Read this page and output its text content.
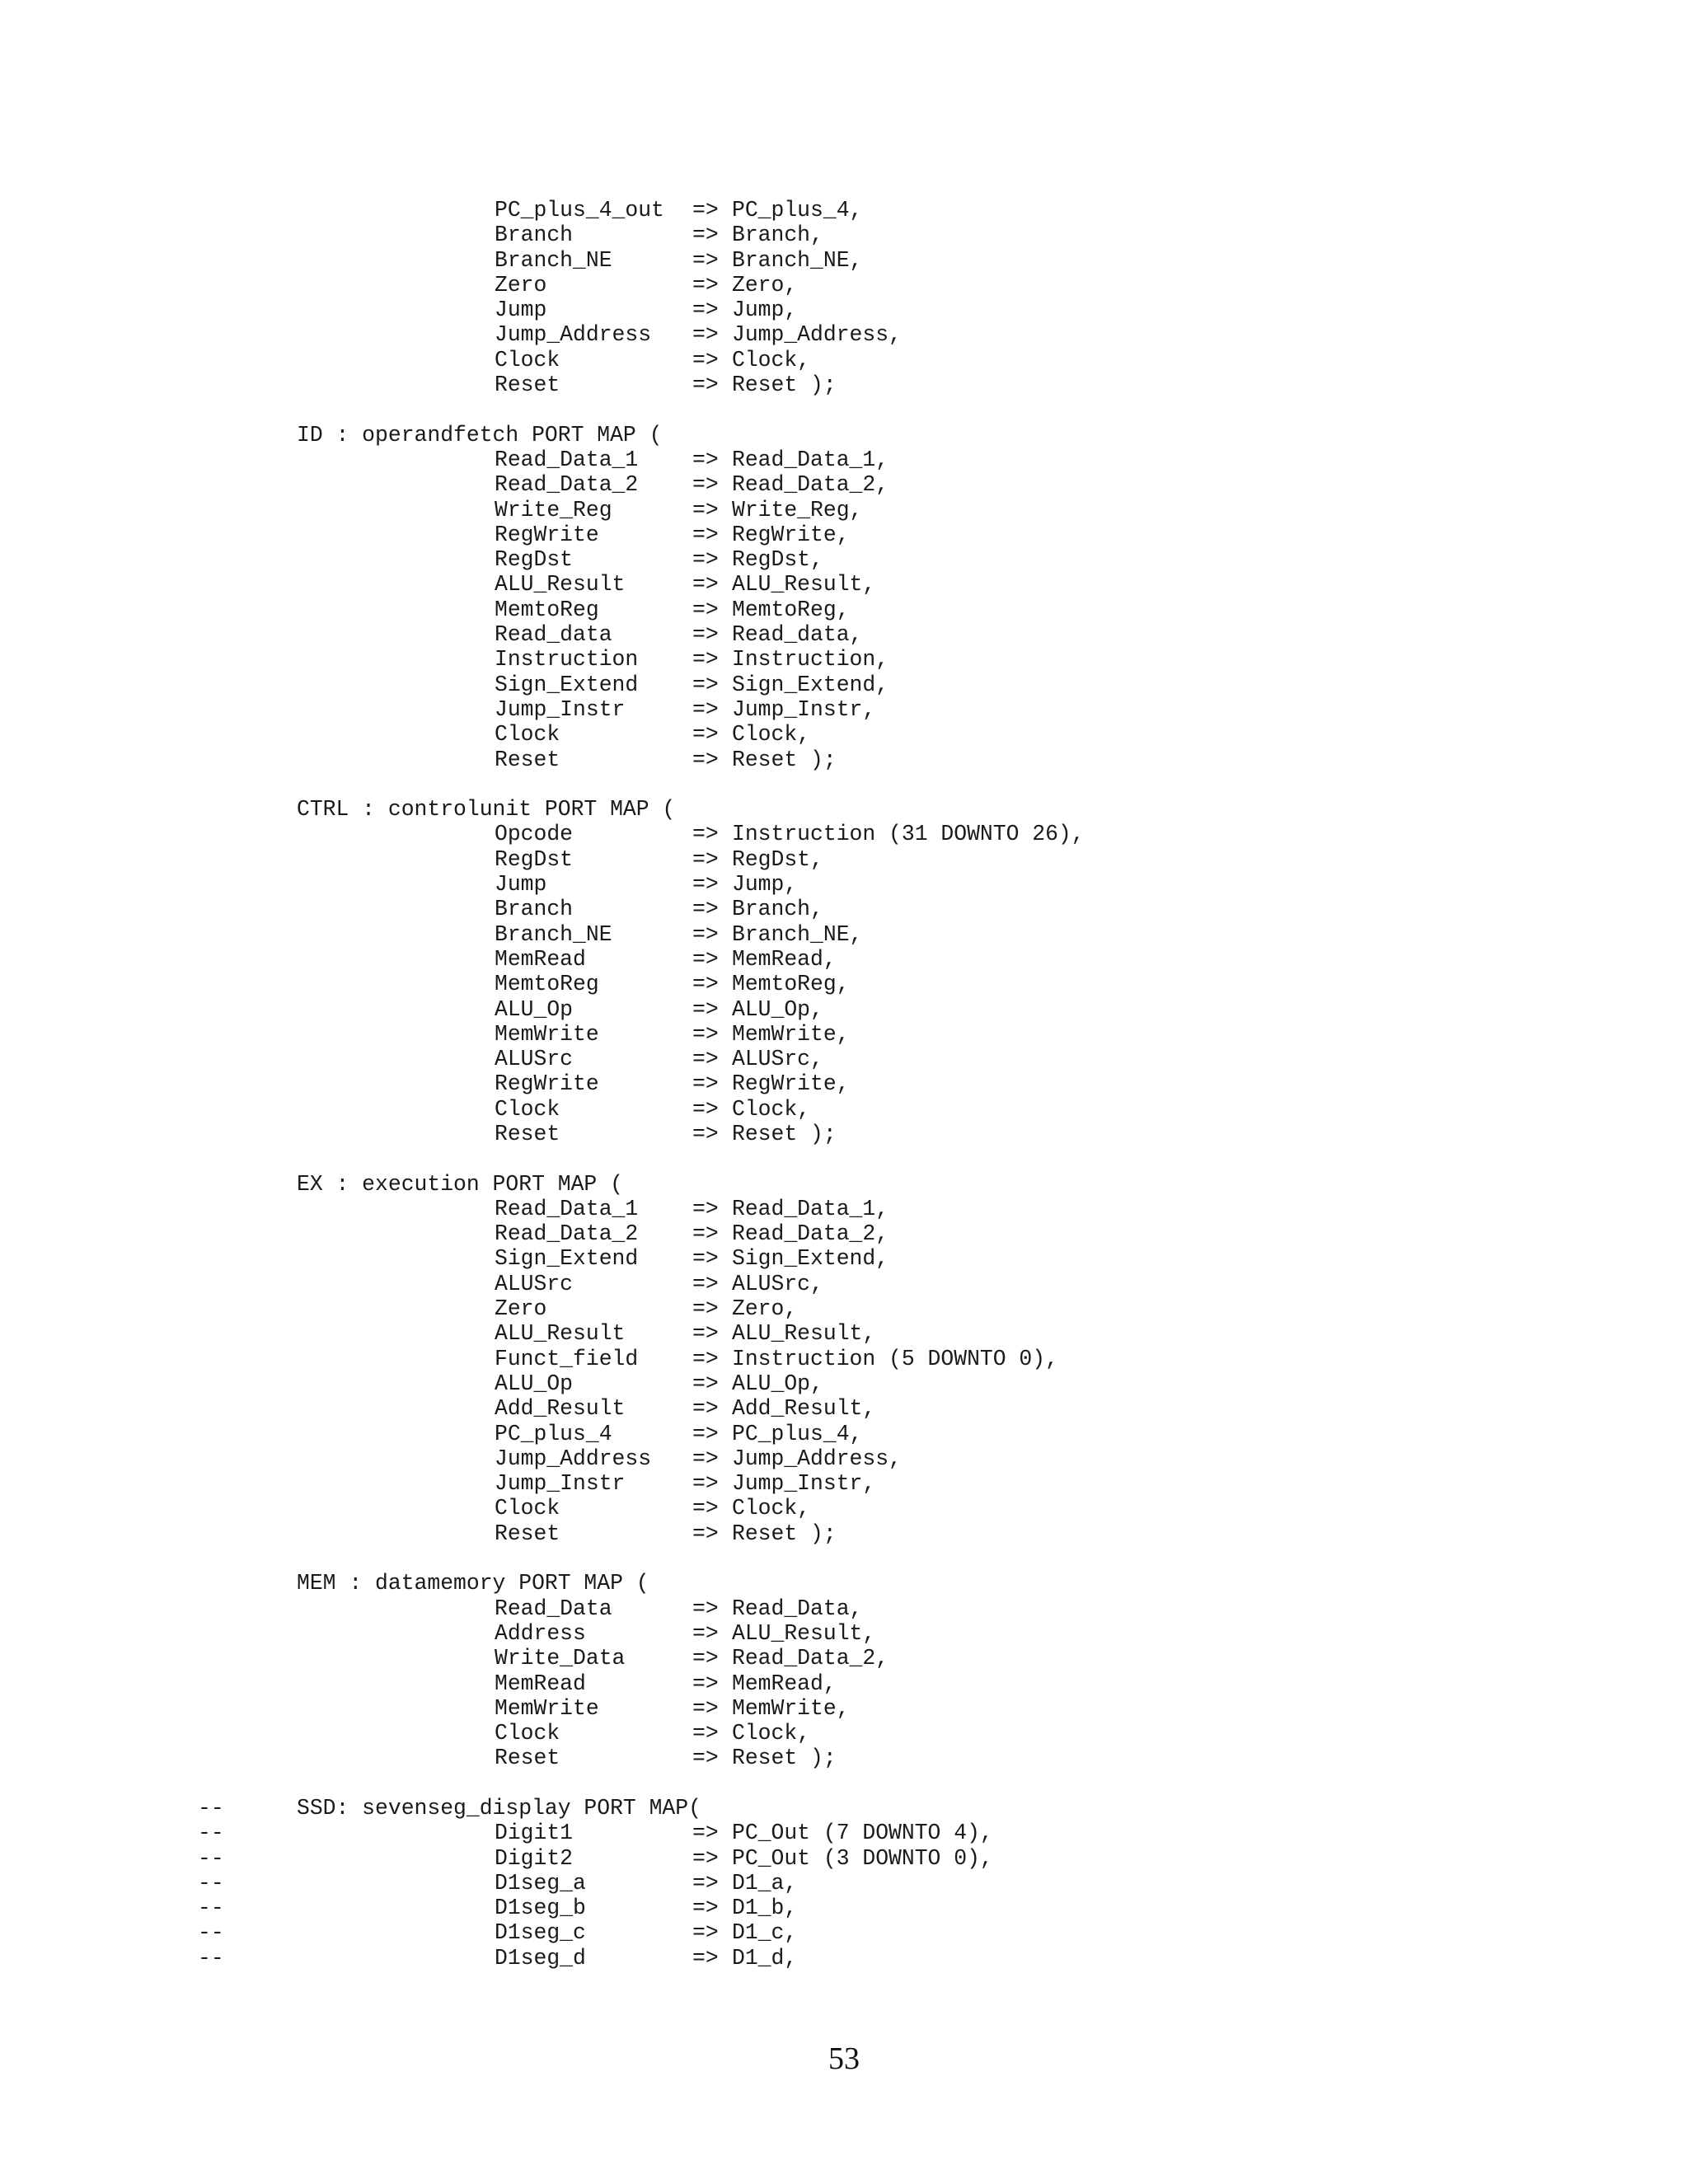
PC_plus_4_out => PC_plus_4,
Branch	=> Branch,
Branch_NE	=> Branch_NE,
Zero	=> Zero,
Jump	=> Jump,
Jump_Address => Jump_Address,
Clock	=> Clock,
Reset	=> Reset );
ID : operandfetch PORT MAP (
Read_Data_1 => Read_Data_1,
Read_Data_2 => Read_Data_2,
Write_Reg	=> Write_Reg,
RegWrite	=> RegWrite,
RegDst	=> RegDst,
ALU_Result	=> ALU_Result,
MemtoReg	=> MemtoReg,
Read_data	=> Read_data,
Instruction => Instruction,
Sign_Extend => Sign_Extend,
Jump_Instr	=> Jump_Instr,
Clock	=> Clock,
Reset	=> Reset );
CTRL : controlunit PORT MAP (
Opcode	=> Instruction (31 DOWNTO 26),
RegDst	=> RegDst,
Jump	=> Jump,
Branch	=> Branch,
Branch_NE	=> Branch_NE,
MemRead	=> MemRead,
MemtoReg	=> MemtoReg,
ALU_Op	=> ALU_Op,
MemWrite	=> MemWrite,
ALUSrc	=> ALUSrc,
RegWrite	=> RegWrite,
Clock	=> Clock,
Reset	=> Reset );
EX : execution PORT MAP (
Read_Data_1 => Read_Data_1,
Read_Data_2 => Read_Data_2,
Sign_Extend => Sign_Extend,
ALUSrc	=> ALUSrc,
Zero	=> Zero,
ALU_Result	=> ALU_Result,
Funct_field => Instruction (5 DOWNTO 0),
ALU_Op	=> ALU_Op,
Add_Result	=> Add_Result,
PC_plus_4	=> PC_plus_4,
Jump_Address => Jump_Address,
Jump_Instr	=> Jump_Instr,
Clock	=> Clock,
Reset	=> Reset );
MEM : datamemory PORT MAP (
Read_Data	=> Read_Data,
Address	=> ALU_Result,
Write_Data	=> Read_Data_2,
MemRead	=> MemRead,
MemWrite	=> MemWrite,
Clock	=> Clock,
Reset	=> Reset );
--	SSD: sevenseg_display PORT MAP(
--	Digit1	=> PC_Out (7 DOWNTO 4),
--	Digit2	=> PC_Out (3 DOWNTO 0),
--	D1seg_a	=> D1_a,
--	D1seg_b	=> D1_b,
--	D1seg_c	=> D1_c,
--	D1seg_d	=> D1_d,
53
